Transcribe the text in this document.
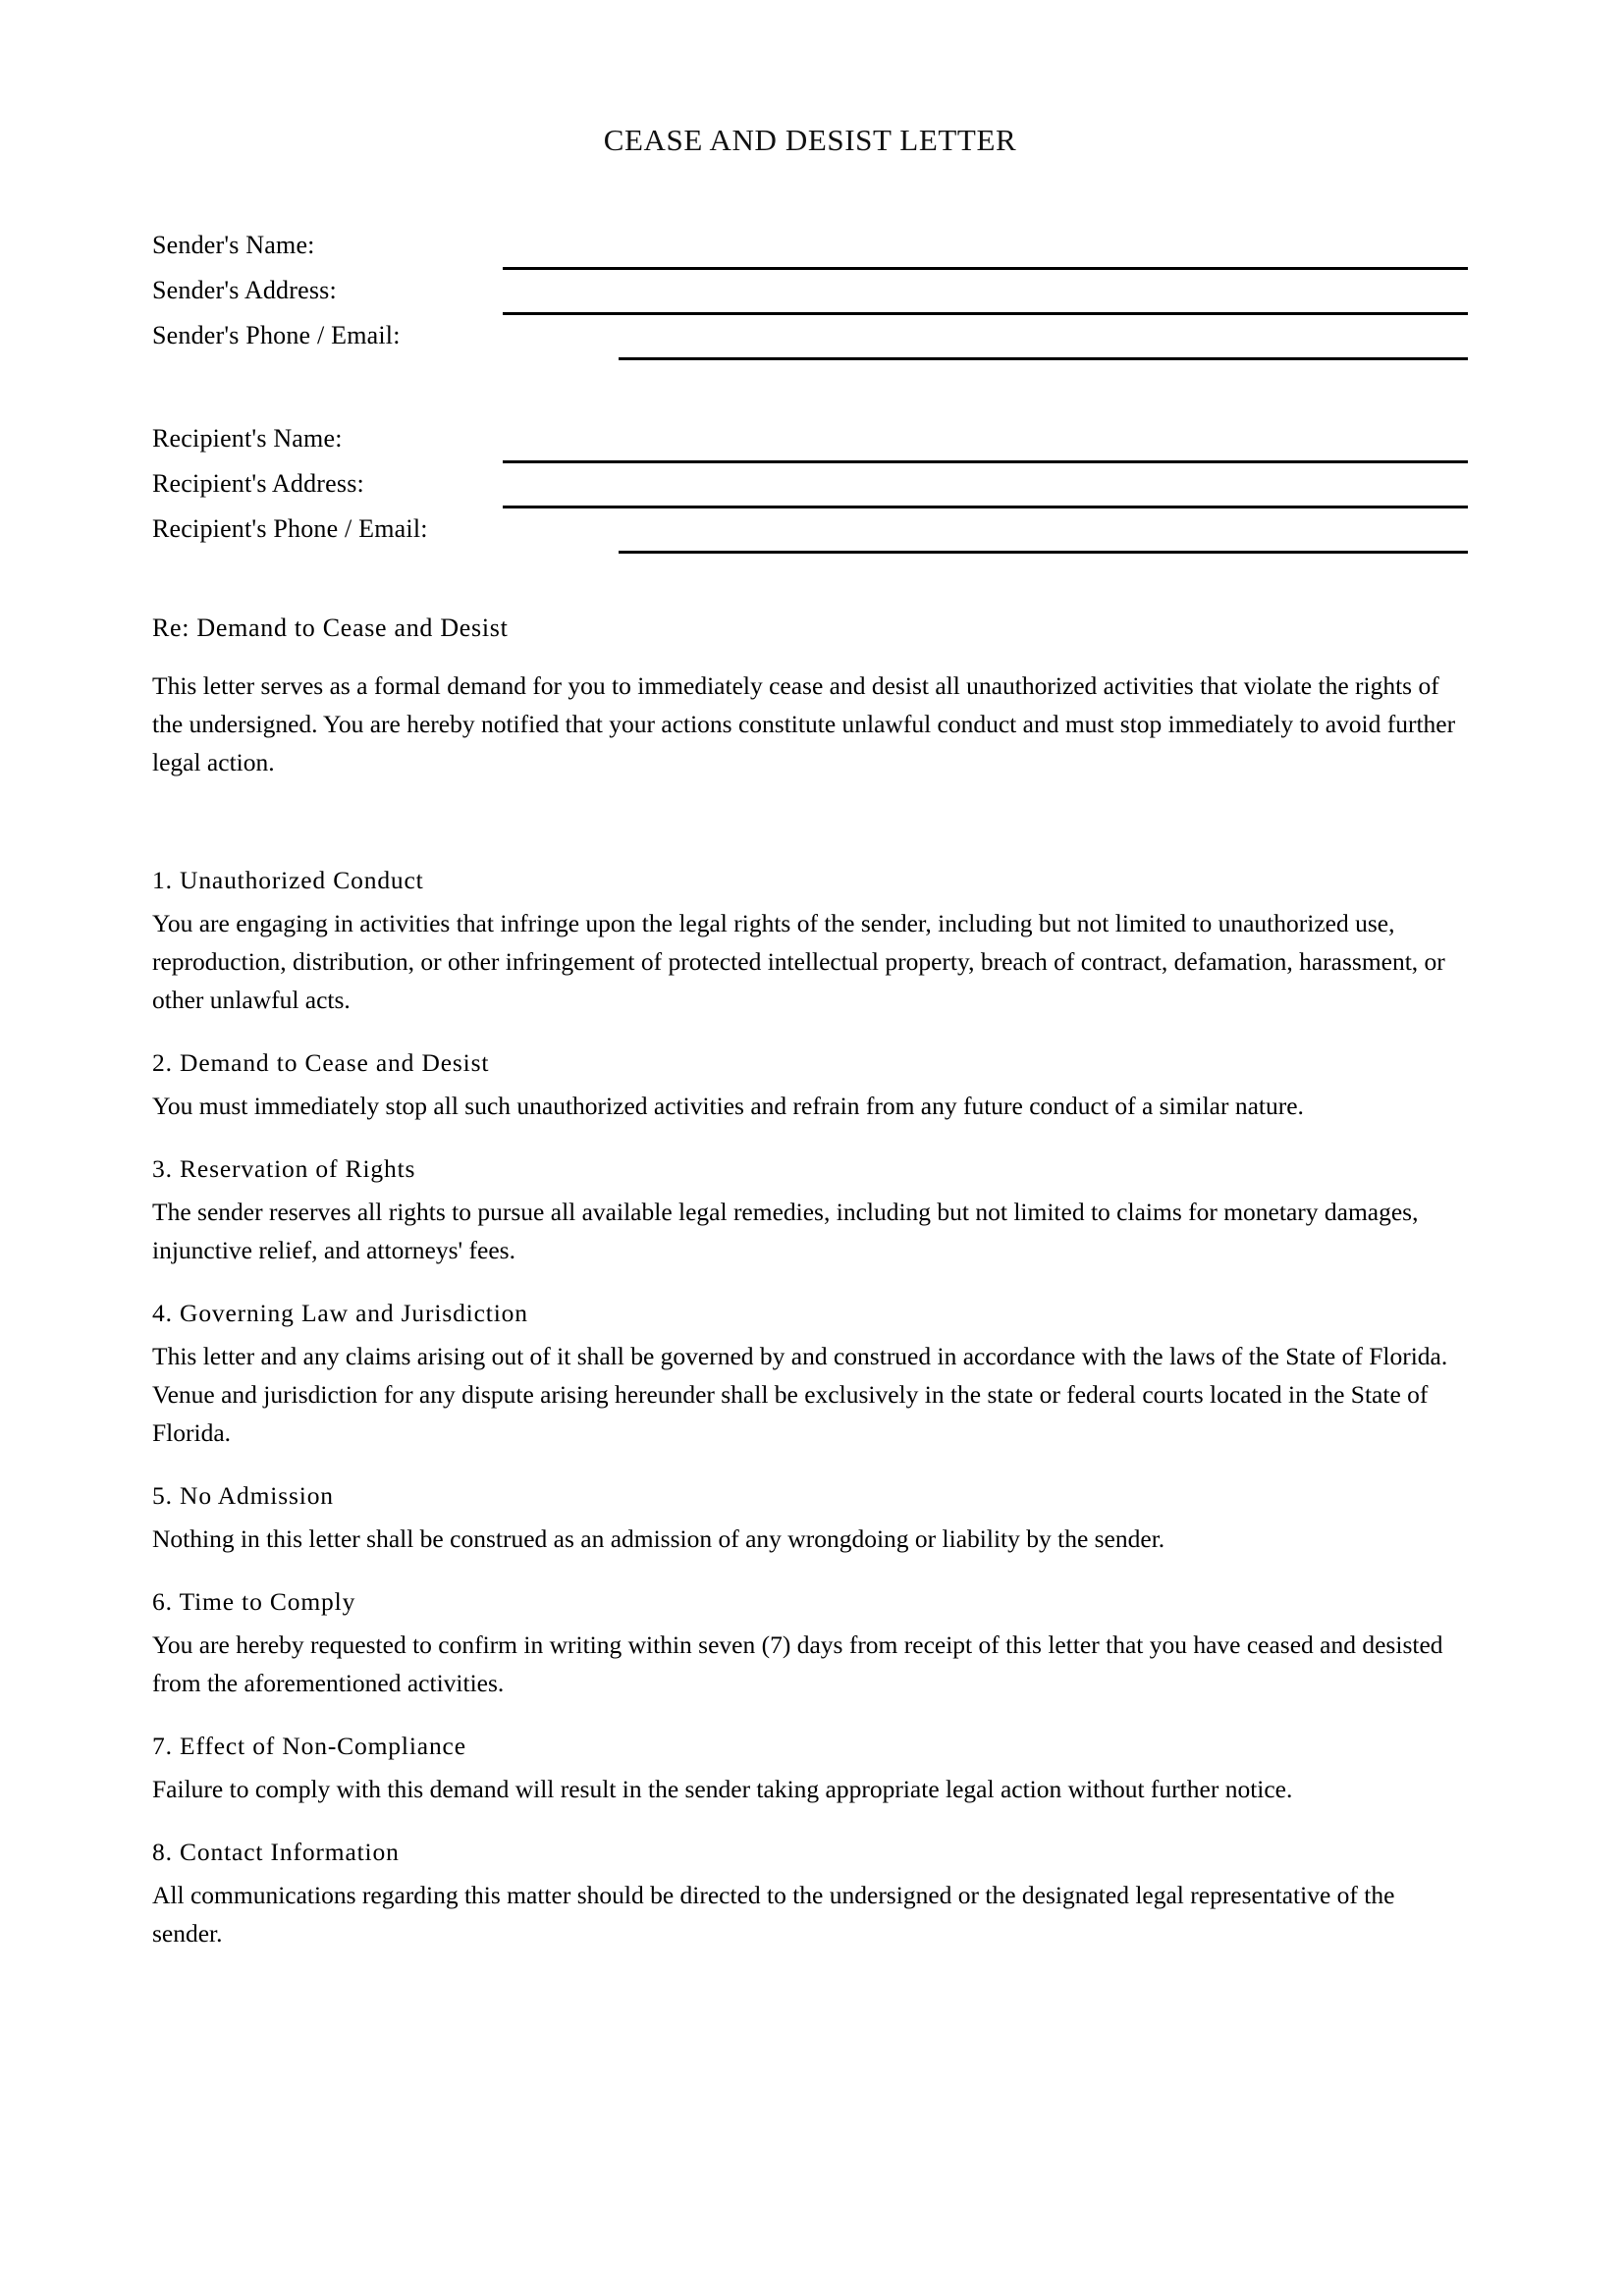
CEASE AND DESIST LETTER
Sender's Name:
Sender's Address:
Sender's Phone / Email:
Recipient's Name:
Recipient's Address:
Recipient's Phone / Email:
Re: Demand to Cease and Desist

This letter serves as a formal demand for you to immediately cease and desist all unauthorized activities that violate the rights of the undersigned. You are hereby notified that your actions constitute unlawful conduct and must stop immediately to avoid further legal action.

1. Unauthorized Conduct

You are engaging in activities that infringe upon the legal rights of the sender, including but not limited to unauthorized use, reproduction, distribution, or other infringement of protected intellectual property, breach of contract, defamation, harassment, or other unlawful acts.

2. Demand to Cease and Desist

You must immediately stop all such unauthorized activities and refrain from any future conduct of a similar nature.

3. Reservation of Rights

The sender reserves all rights to pursue all available legal remedies, including but not limited to claims for monetary damages, injunctive relief, and attorneys' fees.

4. Governing Law and Jurisdiction

This letter and any claims arising out of it shall be governed by and construed in accordance with the laws of the State of Florida. Venue and jurisdiction for any dispute arising hereunder shall be exclusively in the state or federal courts located in the State of Florida.

5. No Admission

Nothing in this letter shall be construed as an admission of any wrongdoing or liability by the sender.

6. Time to Comply

You are hereby requested to confirm in writing within seven (7) days from receipt of this letter that you have ceased and desisted from the aforementioned activities.

7. Effect of Non-Compliance

Failure to comply with this demand will result in the sender taking appropriate legal action without further notice.

8. Contact Information

All communications regarding this matter should be directed to the undersigned or the designated legal representative of the sender.
